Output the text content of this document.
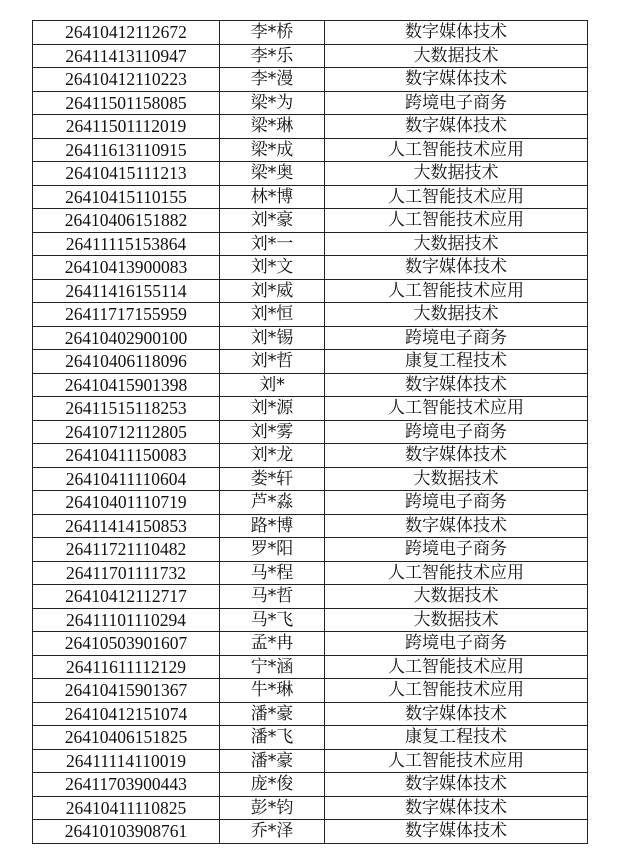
26410412112672	李*桥	数字媒体技术
26411413110947	李*乐	大数据技术
26410412110223	李*漫	数字媒体技术
26411501158085	梁*为	跨境电子商务
26411501112019	梁*琳	数字媒体技术
26411613110915	梁*成	人工智能技术应用
26410415111213	梁*奥	大数据技术
26410415110155	林*博	人工智能技术应用
26410406151882	刘*豪	人工智能技术应用
26411115153864	刘*一	大数据技术
26410413900083	刘*文	数字媒体技术
26411416155114	刘*威	人工智能技术应用
26411717155959	刘*恒	大数据技术
26410402900100	刘*锡	跨境电子商务
26410406118096	刘*哲	康复工程技术
26410415901398	刘*	数字媒体技术
26411515118253	刘*源	人工智能技术应用
26410712112805	刘*雾	跨境电子商务
26410411150083	刘*龙	数字媒体技术
26410411110604	娄*轩	大数据技术
26410401110719	芦*淼	跨境电子商务
26411414150853	路*博	数字媒体技术
26411721110482	罗*阳	跨境电子商务
26411701111732	马*程	人工智能技术应用
26410412112717	马*哲	大数据技术
26411101110294	马*飞	大数据技术
26410503901607	孟*冉	跨境电子商务
26411611112129	宁*涵	人工智能技术应用
26410415901367	牛*琳	人工智能技术应用
26410412151074	潘*豪	数字媒体技术
26410406151825	潘*飞	康复工程技术
26411114110019	潘*豪	人工智能技术应用
26411703900443	庞*俊	数字媒体技术
26410411110825	彭*钧	数字媒体技术
26410103908761	乔*泽	数字媒体技术
